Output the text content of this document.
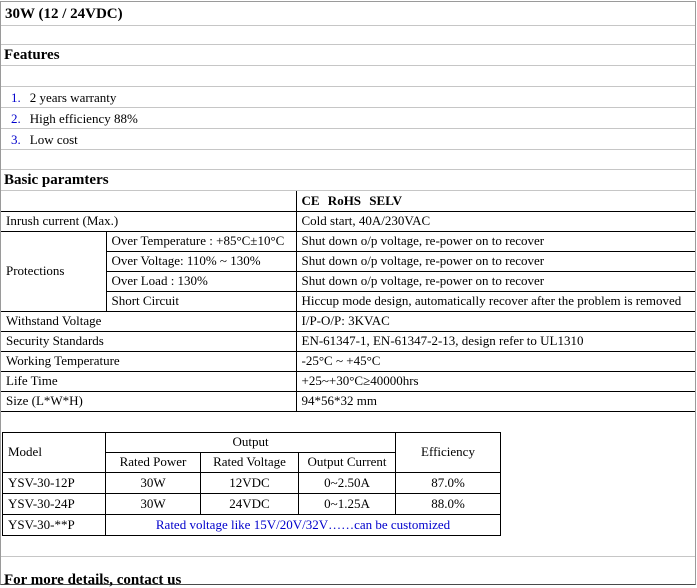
30W (12 / 24VDC)
Features
1. 2 years warranty
2. High efficiency 88%
3. Low cost
Basic paramters
		CE RoHS SELV
Inrush current (Max.)		Cold start, 40A/230VAC
Protections	Over Temperature : +85°C±10°C	Shut down o/p voltage, re-power on to recover
	Over Voltage: 110% ~ 130%	Shut down o/p voltage, re-power on to recover
	Over Load : 130%	Shut down o/p voltage, re-power on to recover
	Short Circuit	Hiccup mode design, automatically recover after the problem is removed
Withstand Voltage		I/P-O/P: 3KVAC
Security Standards		EN-61347-1, EN-61347-2-13, design refer to UL1310
Working Temperature		-25°C ~ +45°C
Life Time		+25~+30°C≥40000hrs
Size (L*W*H)		94*56*32 mm
Model	Output			Efficiency
	Rated Power	Rated Voltage	Output Current	
YSV-30-12P	30W	12VDC	0~2.50A	87.0%
YSV-30-24P	30W	24VDC	0~1.25A	88.0%
YSV-30-**P	Rated voltage like 15V/20V/32V……can be customized			
For more details, contact us
